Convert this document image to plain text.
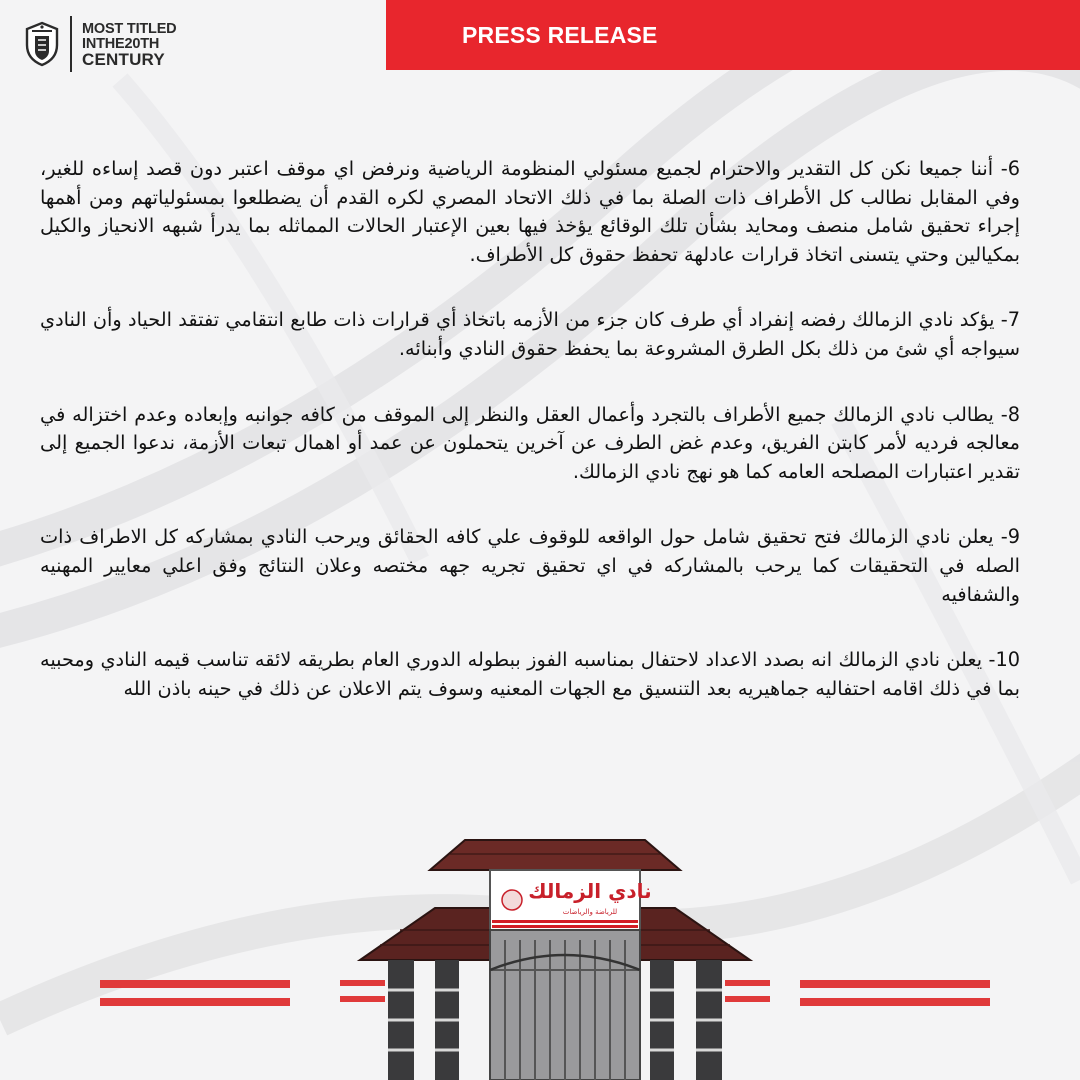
MOST TITLED
INTHE20TH
CENTURY
PRESS RELEASE

6- أننا جميعا نكن كل التقدير والاحترام لجميع مسئولي المنظومة الرياضية ونرفض اي موقف اعتبر دون قصد إساءه للغير، وفي المقابل نطالب كل الأطراف ذات الصلة بما في ذلك الاتحاد المصري لكره القدم أن يضطلعوا بمسئولياتهم ومن أهمها إجراء تحقيق شامل منصف ومحايد بشأن تلك الوقائع يؤخذ فيها بعين الإعتبار الحالات المماثله بما يدرأ شبهه الانحياز والكيل بمكيالين وحتي يتسنى اتخاذ قرارات عادلهة تحفظ حقوق كل الأطراف.

7- يؤكد نادي الزمالك رفضه إنفراد أي طرف كان جزء من الأزمه باتخاذ أي قرارات ذات طابع انتقامي تفتقد الحياد وأن النادي سيواجه أي شئ من ذلك بكل الطرق المشروعة بما يحفظ حقوق النادي وأبنائه.

8- يطالب نادي الزمالك جميع الأطراف بالتجرد وأعمال العقل والنظر إلى الموقف من كافه جوانبه وإبعاده وعدم اختزاله في معالجه فرديه لأمر كابتن الفريق، وعدم غض الطرف عن آخرين يتحملون عن عمد أو اهمال تبعات الأزمة، ندعوا الجميع إلى تقدير اعتبارات المصلحه العامه كما هو نهج نادي الزمالك.

9- يعلن نادي الزمالك فتح تحقيق شامل حول الواقعه للوقوف علي كافه الحقائق ويرحب النادي بمشاركه كل الاطراف ذات الصله في التحقيقات كما يرحب بالمشاركه في اي تحقيق تجريه جهه مختصه وعلان النتائج وفق اعلي معايير المهنيه والشفافيه

10- يعلن نادي الزمالك انه بصدد الاعداد لاحتفال بمناسبه الفوز ببطوله الدوري العام بطريقه لائقه تناسب قيمه النادي ومحبيه بما في ذلك اقامه احتفاليه جماهيريه بعد التنسيق مع الجهات المعنيه وسوف يتم الاعلان عن ذلك في حينه باذن الله

نادي الزمالك
للرياضة والرياضات
